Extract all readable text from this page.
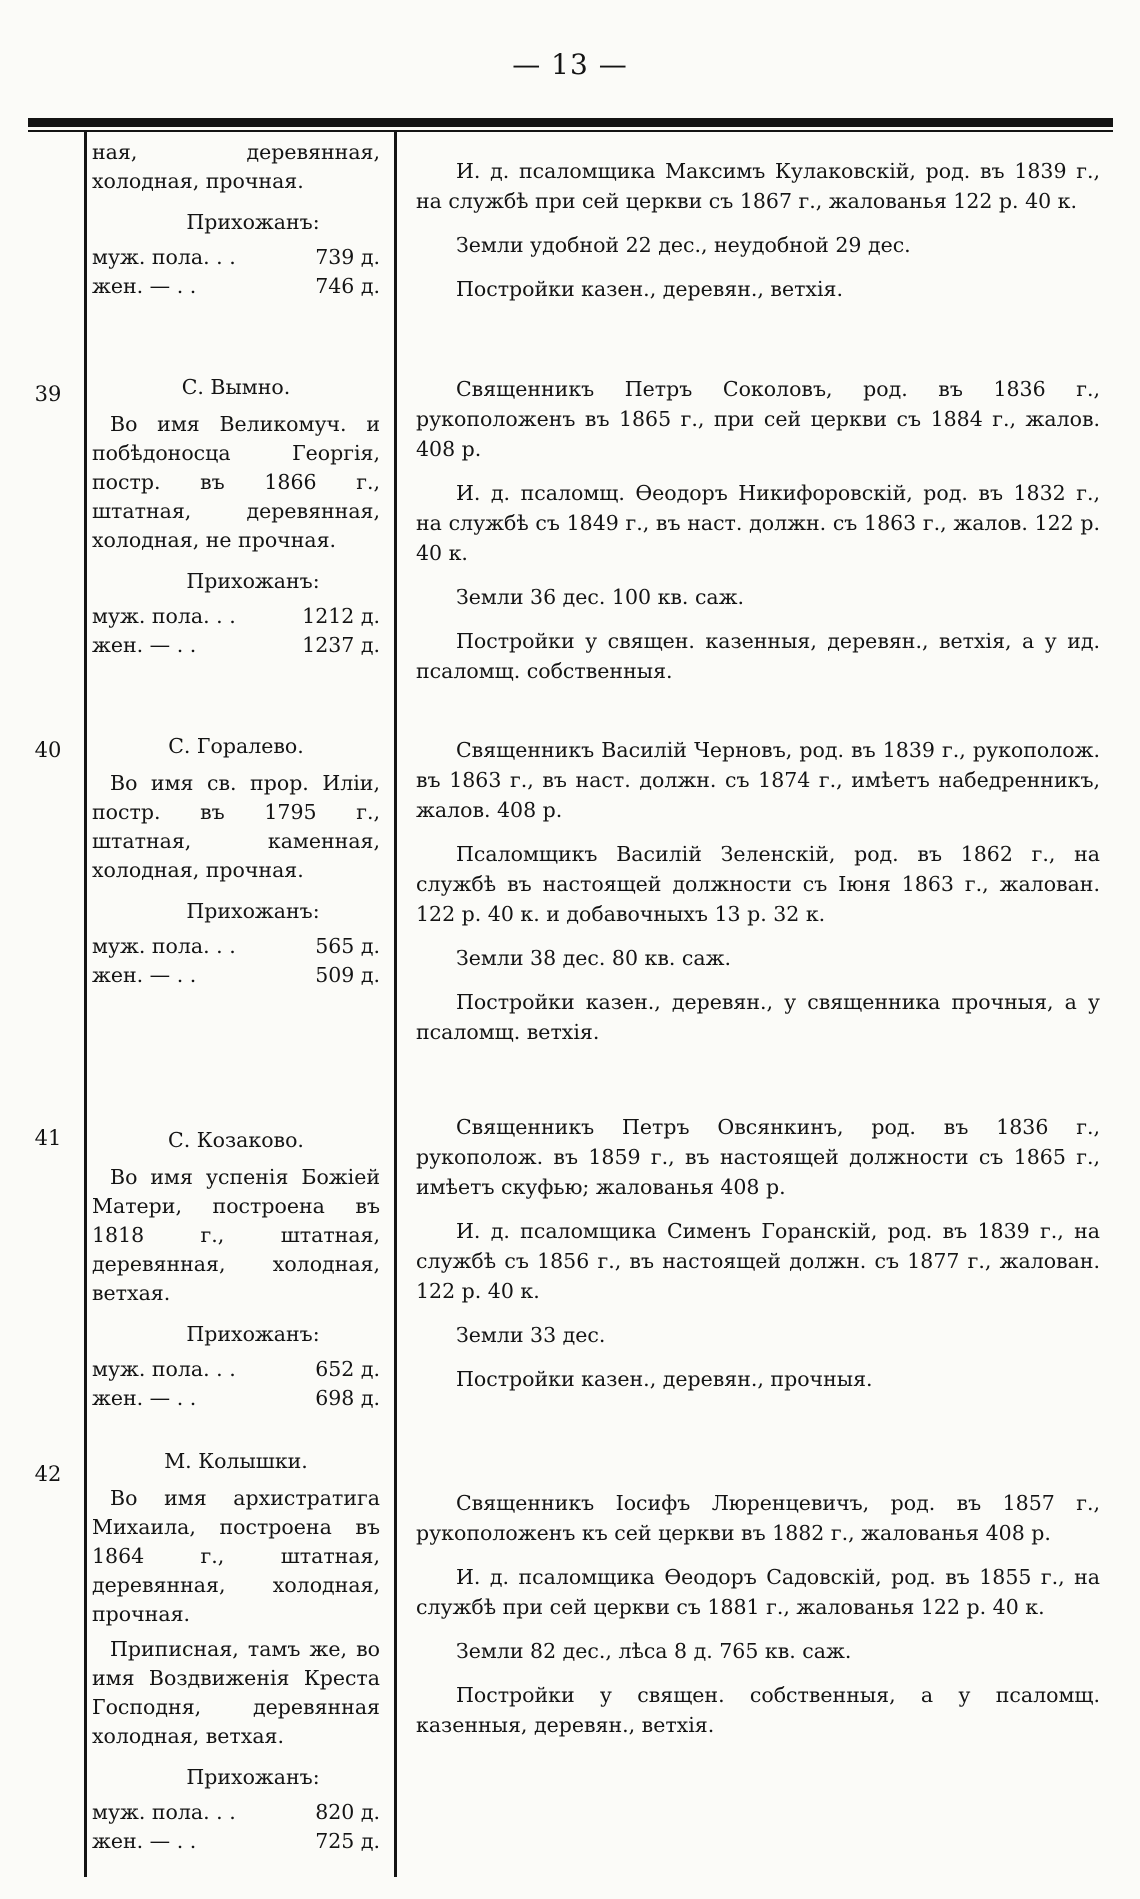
— 13 —
ная, деревянная, холодная, прочная.
Прихожанъ:
муж. пола. . .	739 д.
жен. — . .	746 д.

И. д. псаломщика Максимъ Кулаковскій, род. въ 1839 г., на службѣ при сей церкви съ 1867 г., жалованья 122 р. 40 к.

Земли удобной 22 дес., неудобной 29 дес.

Постройки казен., деревян., ветхія.

39	С. Вымно.
Во имя Великомуч. и побѣдоносца Георгія, постр. въ 1866 г., штатная, деревянная, холодная, не прочная.
Прихожанъ:
муж. пола. . .	1212 д.
жен. — . .	1237 д.

Священникъ Петръ Соколовъ, род. въ 1836 г., рукоположенъ въ 1865 г., при сей церкви съ 1884 г., жалов. 408 р.

И. д. псаломщ. Ѳеодоръ Никифоровскій, род. въ 1832 г., на службѣ съ 1849 г., въ наст. должн. съ 1863 г., жалов. 122 р. 40 к.

Земли 36 дес. 100 кв. саж.

Постройки у священ. казенныя, деревян., ветхія, а у ид. псаломщ. собственныя.

40	С. Горалево.
Во имя св. прор. Иліи, постр. въ 1795 г., штатная, каменная, холодная, прочная.
Прихожанъ:
муж. пола. . .	565 д.
жен. — . .	509 д.

Священникъ Василій Черновъ, род. въ 1839 г., рукополож. въ 1863 г., въ наст. должн. съ 1874 г., имѣетъ набедренникъ, жалов. 408 р.

Псаломщикъ Василій Зеленскій, род. въ 1862 г., на службѣ въ настоящей должности съ Іюня 1863 г., жалован. 122 р. 40 к. и добавочныхъ 13 р. 32 к.

Земли 38 дес. 80 кв. саж.

Постройки казен., деревян., у священника прочныя, а у псаломщ. ветхія.

41	С. Козаково.
Во имя успенія Божіей Матери, построена въ 1818 г., штатная, деревянная, холодная, ветхая.
Прихожанъ:
муж. пола. . .	652 д.
жен. — . .	698 д.

Священникъ Петръ Овсянкинъ, род. въ 1836 г., рукополож. въ 1859 г., въ настоящей должности съ 1865 г., имѣетъ скуфью; жалованья 408 р.

И. д. псаломщика Сименъ Горанскій, род. въ 1839 г., на службѣ съ 1856 г., въ настоящей должн. съ 1877 г., жалован. 122 р. 40 к.

Земли 33 дес.

Постройки казен., деревян., прочныя.

42
М. Колышки.
Во имя архистратига Михаила, построена въ 1864 г., штатная, деревянная, холодная, прочная.
Приписная, тамъ же, во имя Воздвиженія Креста Господня, деревянная холодная, ветхая.
Прихожанъ:
муж. пола. . .	820 д.
жен. — . .	725 д.

Священникъ Іосифъ Люренцевичъ, род. въ 1857 г., рукоположенъ къ сей церкви въ 1882 г., жалованья 408 р.

И. д. псаломщика Ѳеодоръ Садовскій, род. въ 1855 г., на службѣ при сей церкви съ 1881 г., жалованья 122 р. 40 к.

Земли 82 дес., лѣса 8 д. 765 кв. саж.

Постройки у священ. собственныя, а у псаломщ. казенныя, деревян., ветхія.
